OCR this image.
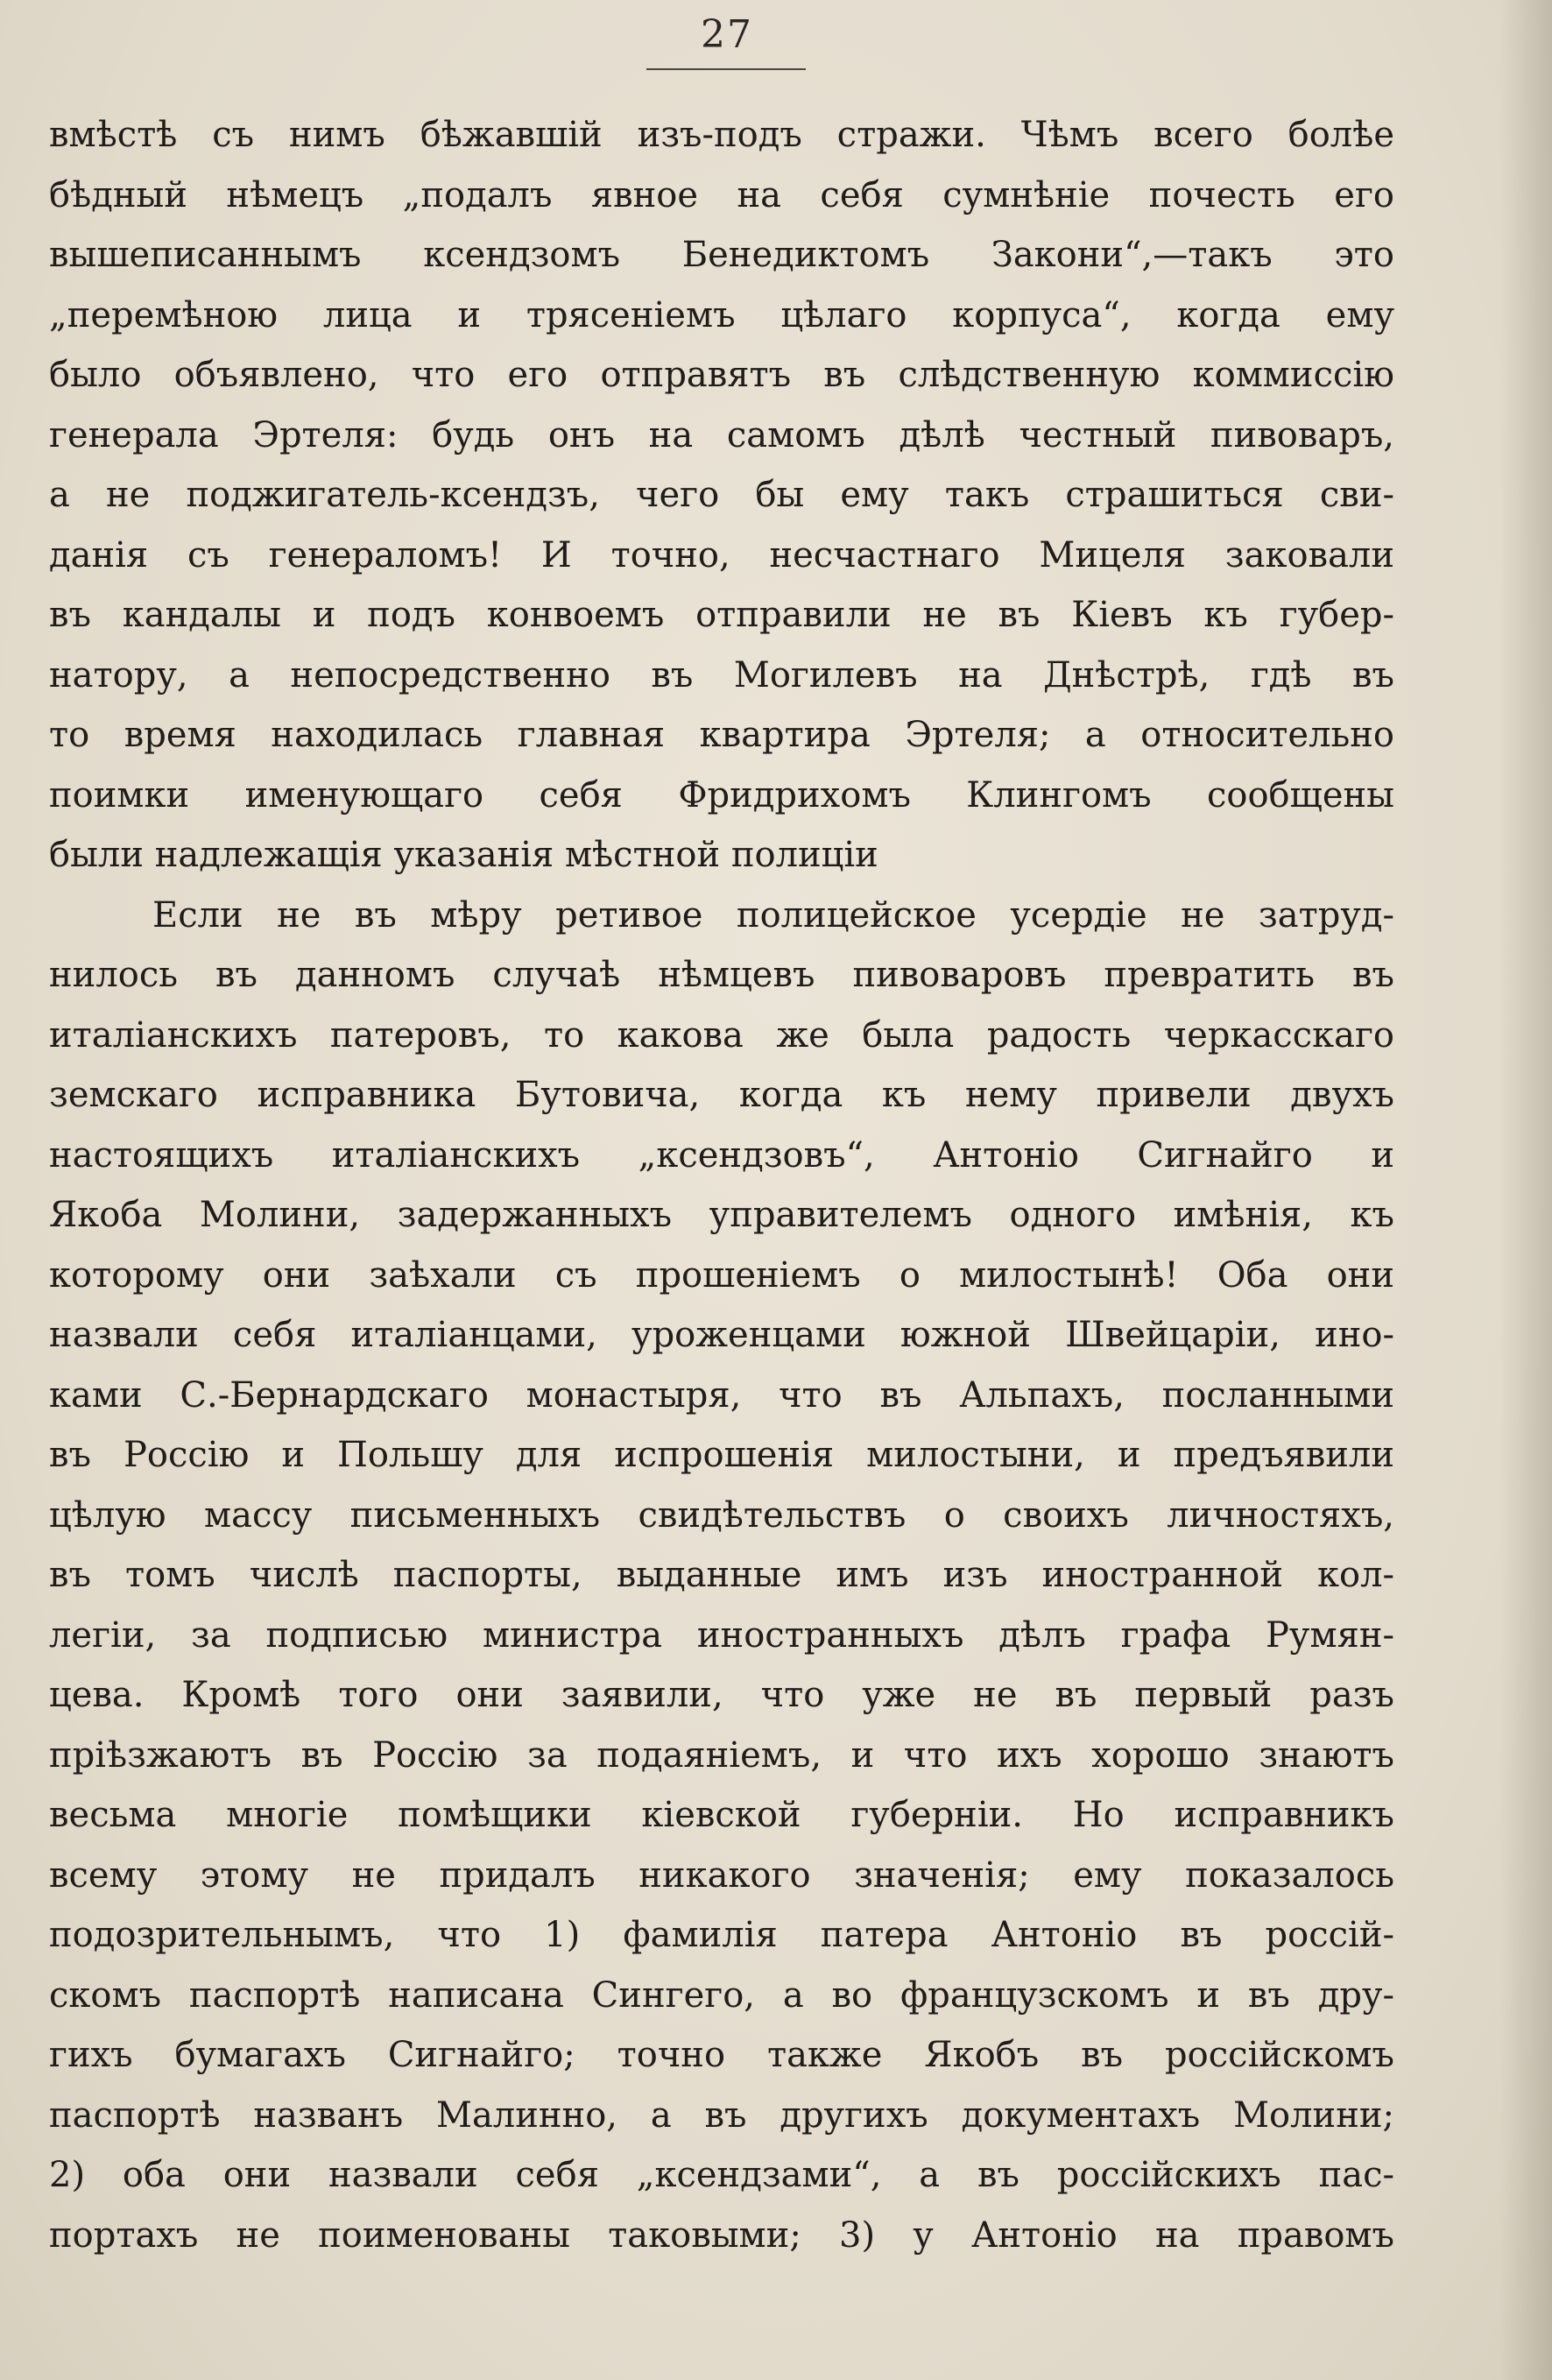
27
вмѣстѣ съ нимъ бѣжавшій изъ-подъ стражи. Чѣмъ всего болѣе
бѣдный нѣмецъ „подалъ явное на себя сумнѣніе почесть его
вышеписаннымъ ксендзомъ Бенедиктомъ Закони“,—такъ это
„перемѣною лица и трясеніемъ цѣлаго корпуса“, когда ему
было объявлено, что его отправятъ въ слѣдственную коммиссію
генерала Эртеля: будь онъ на самомъ дѣлѣ честный пивоваръ,
а не поджигатель-ксендзъ, чего бы ему такъ страшиться сви-
данія съ генераломъ! И точно, несчастнаго Мицеля заковали
въ кандалы и подъ конвоемъ отправили не въ Кіевъ къ губер-
натору, а непосредственно въ Могилевъ на Днѣстрѣ, гдѣ въ
то время находилась главная квартира Эртеля; а относительно
поимки именующаго себя Фридрихомъ Клингомъ сообщены
были надлежащія указанія мѣстной полиціи
Если не въ мѣру ретивое полицейское усердіе не затруд-
нилось въ данномъ случаѣ нѣмцевъ пивоваровъ превратить въ
италіанскихъ патеровъ, то какова же была радость черкасскаго
земскаго исправника Бутовича, когда къ нему привели двухъ
настоящихъ италіанскихъ „ксендзовъ“, Антоніо Сигнайго и
Якоба Молини, задержанныхъ управителемъ одного имѣнія, къ
которому они заѣхали съ прошеніемъ о милостынѣ! Оба они
назвали себя италіанцами, уроженцами южной Швейцаріи, ино-
ками С.-Бернардскаго монастыря, что въ Альпахъ, посланными
въ Россію и Польшу для испрошенія милостыни, и предъявили
цѣлую массу письменныхъ свидѣтельствъ о своихъ личностяхъ,
въ томъ числѣ паспорты, выданные имъ изъ иностранной кол-
легіи, за подписью министра иностранныхъ дѣлъ графа Румян-
цева. Кромѣ того они заявили, что уже не въ первый разъ
пріѣзжаютъ въ Россію за подаяніемъ, и что ихъ хорошо знаютъ
весьма многіе помѣщики кіевской губерніи. Но исправникъ
всему этому не придалъ никакого значенія; ему показалось
подозрительнымъ, что 1) фамилія патера Антоніо въ россій-
скомъ паспортѣ написана Сингего, а во французскомъ и въ дру-
гихъ бумагахъ Сигнайго; точно также Якобъ въ россійскомъ
паспортѣ названъ Малинно, а въ другихъ документахъ Молини;
2) оба они назвали себя „ксендзами“, а въ россійскихъ пас-
портахъ не поименованы таковыми; 3) у Антоніо на правомъ
